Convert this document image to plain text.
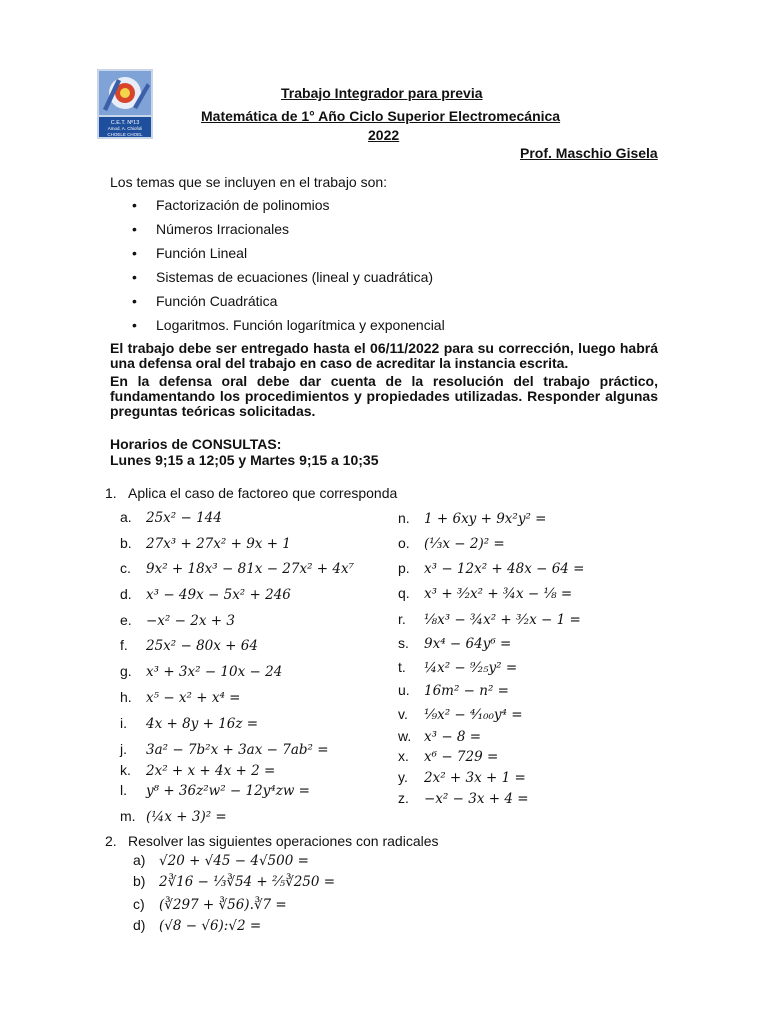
C.E.T. Nº13
Amod. A. Chiofoli
CHOELE CHOEL
Trabajo Integrador para previa
Matemática de 1° Año Ciclo Superior Electromecánica
2022
Prof. Maschio Gisela
Los temas que se incluyen en el trabajo son:
• Factorización de polinomios
• Números Irracionales
• Función Lineal
• Sistemas de ecuaciones (lineal y cuadrática)
• Función Cuadrática
• Logaritmos. Función logarítmica y exponencial
El trabajo debe ser entregado hasta el 06/11/2022 para su corrección, luego habrá una defensa oral del trabajo en caso de acreditar la instancia escrita.
En la defensa oral debe dar cuenta de la resolución del trabajo práctico, fundamentando los procedimientos y propiedades utilizadas. Responder algunas preguntas teóricas solicitadas.
Horarios de CONSULTAS:
Lunes 9;15 a 12;05 y Martes 9;15 a 10;35
1. Aplica el caso de factoreo que corresponda
a. 25x² − 144
b. 27x³ + 27x² + 9x + 1
c. 9x² + 18x³ − 81x − 27x² + 4x⁷
d. x³ − 49x − 5x² + 246
e. −x² − 2x + 3
f. 25x² − 80x + 64
g. x³ + 3x² − 10x − 24
h. x⁵ − x² + x⁴ =
i. 4x + 8y + 16z =
j. 3a² − 7b²x + 3ax − 7ab² =
k. 2x² + x + 4x + 2 =
l. y⁸ + 36z²w² − 12y⁴zw =
m. (¼x + 3)² =
n. 1 + 6xy + 9x²y² =
o. (⅓x − 2)² =
p. x³ − 12x² + 48x − 64 =
q. x³ + ³⁄₂x² + ¾x − ⅛ =
r. ⅛x³ − ¾x² + ³⁄₂x − 1 =
s. 9x⁴ − 64y⁶ =
t. ¼x² − ⁹⁄₂₅y² =
u. 16m² − n² =
v. ⅑x² − ⁴⁄₁₀₀y⁴ =
w. x³ − 8 =
x. x⁶ − 729 =
y. 2x² + 3x + 1 =
z. −x² − 3x + 4 =
2. Resolver las siguientes operaciones con radicales
a) √20 + √45 − 4√500 =
b) 2∛16 − ⅓∛54 + ⅖∛250 =
c) (∛297 + ∛56).∛7 =
d) (√8 − √6):√2 =
